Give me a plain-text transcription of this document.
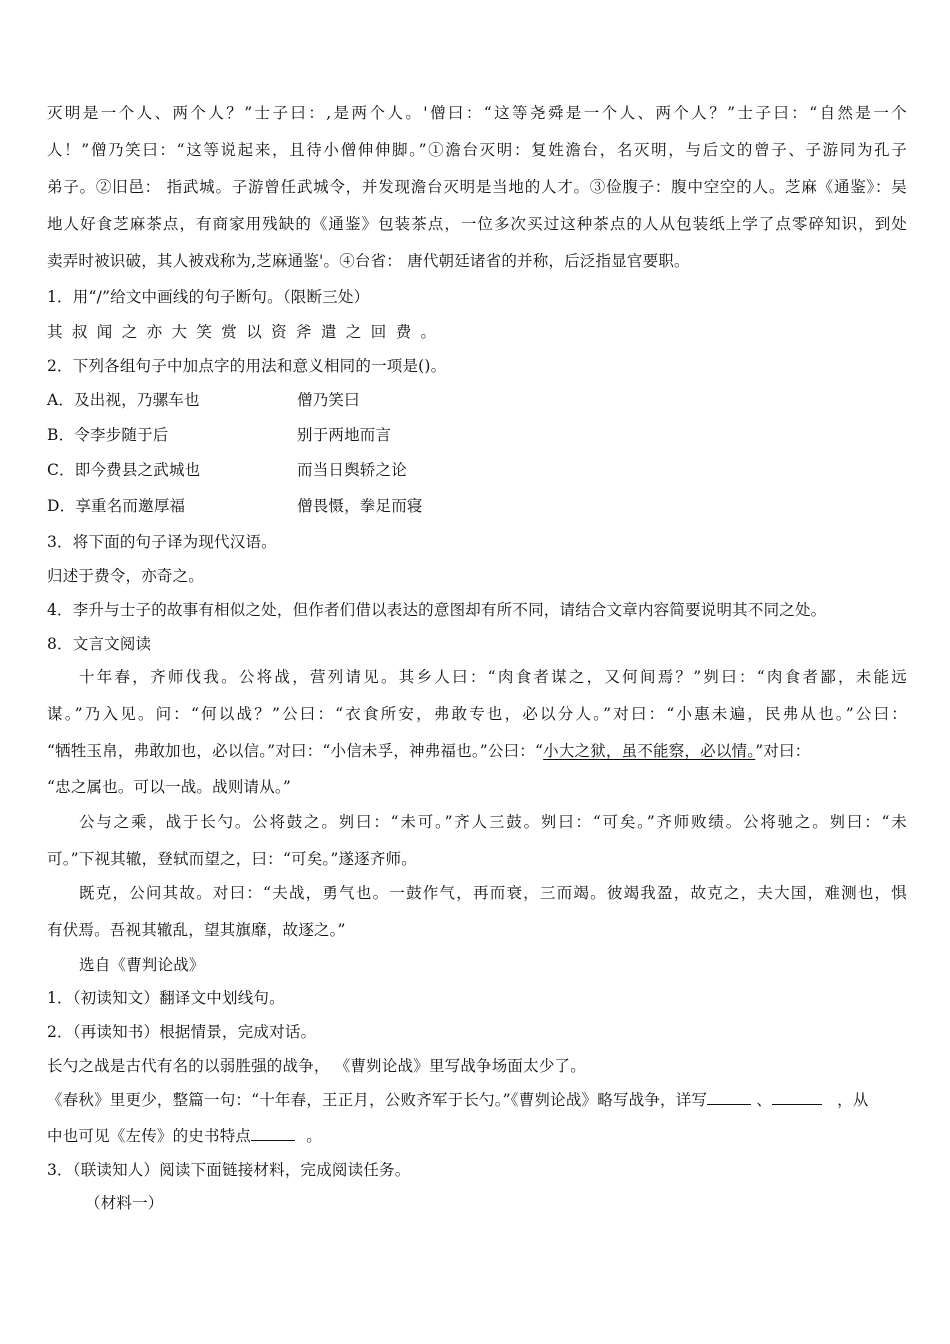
灭明是一个人、两个人？”士子曰：,是两个人。'僧曰：“这等尧舜是一个人、两个人？”士子曰：“自然是一个
人！”僧乃笑曰：“这等说起来，且待小僧伸伸脚。”①澹台灭明：复姓澹台，名灭明，与后文的曾子、子游同为孔子
弟子。②旧邑： 指武城。子游曾任武城令，并发现澹台灭明是当地的人才。③俭腹子：腹中空空的人。芝麻《通鉴》：吴
地人好食芝麻茶点，有商家用残缺的《通鉴》包装茶点，一位多次买过这种茶点的人从包装纸上学了点零碎知识，到处
卖弄时被识破，其人被戏称为,芝麻通鉴'。④台省： 唐代朝廷诸省的并称，后泛指显官要职。
1．用“/”给文中画线的句子断句。（限断三处）
其叔闻之亦大笑赏以资斧遣之回费。
2．下列各组句子中加点字的用法和意义相同的一项是()。
A．及出视，乃骡车也	僧乃笑曰
B．令李步随于后	别于两地而言
C．即今费县之武城也	而当日舆轿之论
D．享重名而邀厚福	僧畏慑，拳足而寝
3．将下面的句子译为现代汉语。
归述于费令，亦奇之。
4．李升与士子的故事有相似之处，但作者们借以表达的意图却有所不同，请结合文章内容简要说明其不同之处。
8．文言文阅读
十年春，齐师伐我。公将战，营列请见。其乡人曰：“肉食者谋之，又何间焉？”刿曰：“肉食者鄙，未能远
谋。”乃入见。问：“何以战？”公曰：“衣食所安，弗敢专也，必以分人。”对曰：“小惠未遍，民弗从也。”公曰：
“牺牲玉帛，弗敢加也，必以信。”对曰：“小信未孚，神弗福也。”公曰：“小大之狱，虽不能察，必以情。”对曰：
“忠之属也。可以一战。战则请从。”
公与之乘，战于长勺。公将鼓之。刿曰：“未可。”齐人三鼓。刿曰：“可矣。”齐师败绩。公将驰之。刿曰：“未
可。”下视其辙，登轼而望之，曰：“可矣。”遂逐齐师。
既克，公问其故。对曰：“夫战，勇气也。一鼓作气，再而衰，三而竭。彼竭我盈，故克之，夫大国，难测也，惧
有伏焉。吾视其辙乱，望其旗靡，故逐之。”
选自《曹判论战》
1．（初读知文）翻译文中划线句。
2．（再读知书）根据情景，完成对话。
长勺之战是古代有名的以弱胜强的战争， 《曹刿论战》里写战争场面太少了。
《春秋》里更少，整篇一句：“十年春，王正月，公败齐军于长勺。”《曹刿论战》略写战争，详写	、	，从
中也可见《左传》的史书特点	。
3．（联读知人）阅读下面链接材料，完成阅读任务。
（材料一）
